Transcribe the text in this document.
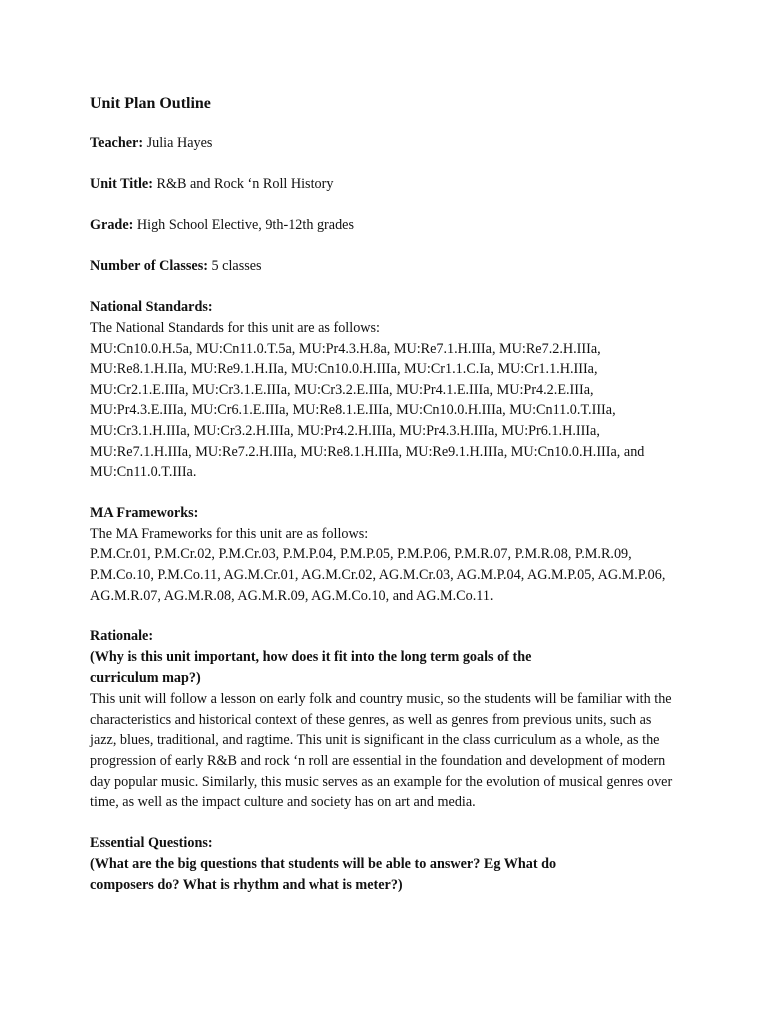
Unit Plan Outline
Teacher: Julia Hayes
Unit Title: R&B and Rock ‘n Roll History
Grade: High School Elective, 9th-12th grades
Number of Classes: 5 classes
National Standards:
The National Standards for this unit are as follows:
MU:Cn10.0.H.5a, MU:Cn11.0.T.5a, MU:Pr4.3.H.8a, MU:Re7.1.H.IIIa, MU:Re7.2.H.IIIa, MU:Re8.1.H.IIa, MU:Re9.1.H.IIa, MU:Cn10.0.H.IIIa, MU:Cr1.1.C.Ia, MU:Cr1.1.H.IIIa, MU:Cr2.1.E.IIIa, MU:Cr3.1.E.IIIa, MU:Cr3.2.E.IIIa, MU:Pr4.1.E.IIIa, MU:Pr4.2.E.IIIa, MU:Pr4.3.E.IIIa, MU:Cr6.1.E.IIIa, MU:Re8.1.E.IIIa, MU:Cn10.0.H.IIIa, MU:Cn11.0.T.IIIa, MU:Cr3.1.H.IIIa, MU:Cr3.2.H.IIIa, MU:Pr4.2.H.IIIa, MU:Pr4.3.H.IIIa, MU:Pr6.1.H.IIIa, MU:Re7.1.H.IIIa, MU:Re7.2.H.IIIa, MU:Re8.1.H.IIIa, MU:Re9.1.H.IIIa, MU:Cn10.0.H.IIIa, and MU:Cn11.0.T.IIIa.
MA Frameworks:
The MA Frameworks for this unit are as follows:
P.M.Cr.01, P.M.Cr.02, P.M.Cr.03, P.M.P.04, P.M.P.05, P.M.P.06, P.M.R.07, P.M.R.08, P.M.R.09, P.M.Co.10, P.M.Co.11, AG.M.Cr.01, AG.M.Cr.02, AG.M.Cr.03, AG.M.P.04, AG.M.P.05, AG.M.P.06, AG.M.R.07, AG.M.R.08, AG.M.R.09, AG.M.Co.10, and AG.M.Co.11.
Rationale:
(Why is this unit important, how does it fit into the long term goals of the curriculum map?)
This unit will follow a lesson on early folk and country music, so the students will be familiar with the characteristics and historical context of these genres, as well as genres from previous units, such as jazz, blues, traditional, and ragtime. This unit is significant in the class curriculum as a whole, as the progression of early R&B and rock ‘n roll are essential in the foundation and development of modern day popular music. Similarly, this music serves as an example for the evolution of musical genres over time, as well as the impact culture and society has on art and media.
Essential Questions:
(What are the big questions that students will be able to answer? Eg What do composers do? What is rhythm and what is meter?)
